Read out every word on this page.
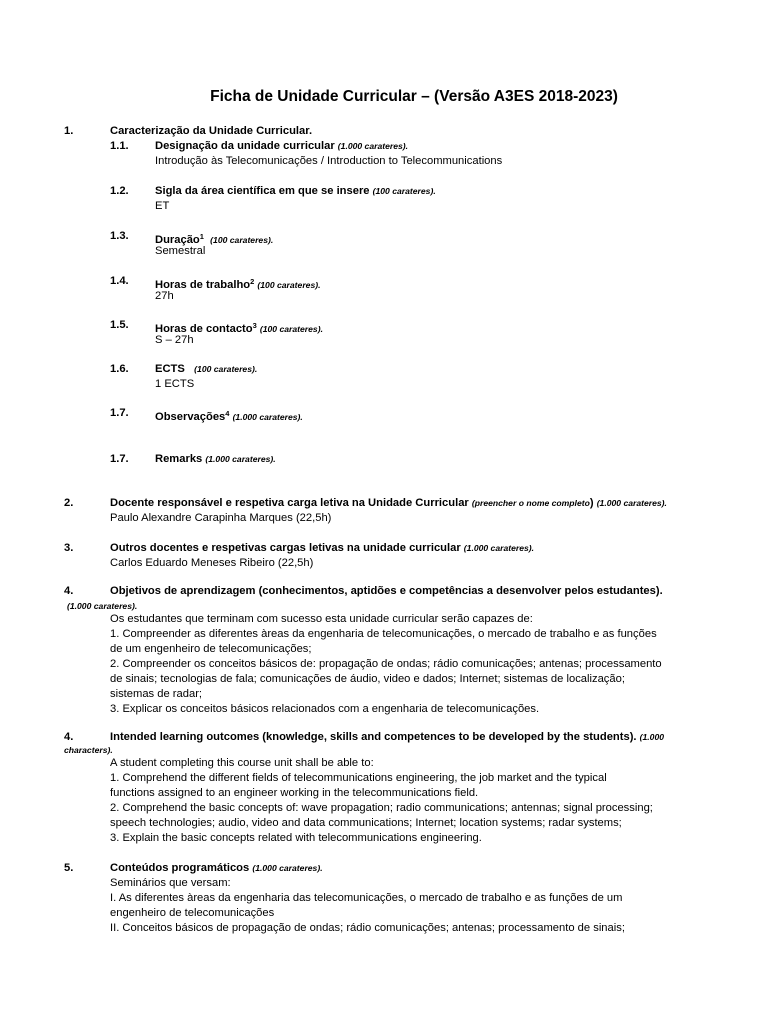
Ficha de Unidade Curricular – (Versão A3ES 2018-2023)
1.	Caracterização da Unidade Curricular.
1.1. Designação da unidade curricular (1.000 carateres).
Introdução às Telecomunicações / Introduction to Telecommunications
1.2. Sigla da área científica em que se insere (100 carateres).
ET
1.3. Duração$^1$ (100 carateres).
Semestral
1.4. Horas de trabalho$^2$ (100 carateres).
27h
1.5. Horas de contacto$^3$ (100 carateres).
S – 27h
1.6. ECTS (100 carateres).
1 ECTS
1.7. Observações$^4$ (1.000 carateres).
1.7. Remarks (1.000 carateres).
2.	Docente responsável e respetiva carga letiva na Unidade Curricular (preencher o nome completo) (1.000 carateres).
Paulo Alexandre Carapinha Marques (22,5h)
3.	Outros docentes e respetivas cargas letivas na unidade curricular (1.000 carateres).
Carlos Eduardo Meneses Ribeiro (22,5h)
4.	Objetivos de aprendizagem (conhecimentos, aptidões e competências a desenvolver pelos estudantes).
(1.000 carateres).
Os estudantes que terminam com sucesso esta unidade curricular serão capazes de:
1. Compreender as diferentes àreas da engenharia de telecomunicações, o mercado de trabalho e as funções
de um engenheiro de telecomunicações;
2. Compreender os conceitos básicos de: propagação de ondas; rádio comunicações; antenas; processamento
de sinais; tecnologias de fala; comunicações de áudio, video e dados; Internet; sistemas de localização;
sistemas de radar;
3. Explicar os conceitos básicos relacionados com a engenharia de telecomunicações.
4.	Intended learning outcomes (knowledge, skills and competences to be developed by the students). (1.000
characters).
A student completing this course unit shall be able to:
1. Comprehend the different fields of telecommunications engineering, the job market and the typical
functions assigned to an engineer working in the telecommunications field.
2. Comprehend the basic concepts of: wave propagation; radio communications; antennas; signal processing;
speech technologies; audio, video and data communications; Internet; location systems; radar systems;
3. Explain the basic concepts related with telecommunications engineering.
5.	Conteúdos programáticos (1.000 carateres).
Seminários que versam:
I. As diferentes àreas da engenharia das telecomunicações, o mercado de trabalho e as funções de um
engenheiro de telecomunicações
II. Conceitos básicos de propagação de ondas; rádio comunicações; antenas; processamento de sinais;
